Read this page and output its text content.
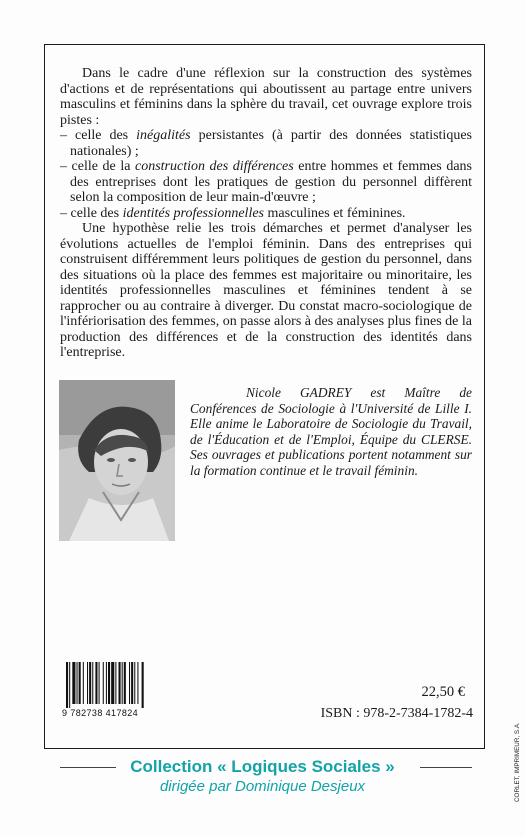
Dans le cadre d'une réflexion sur la construction des systèmes d'actions et de représentations qui aboutissent au partage entre univers masculins et féminins dans la sphère du travail, cet ouvrage explore trois pistes :

– celle des inégalités persistantes (à partir des données statistiques nationales) ;
– celle de la construction des différences entre hommes et femmes dans des entreprises dont les pratiques de gestion du personnel diffèrent selon la composition de leur main-d'œuvre ;
– celle des identités professionnelles masculines et féminines.

Une hypothèse relie les trois démarches et permet d'analyser les évolutions actuelles de l'emploi féminin. Dans des entreprises qui construisent différemment leurs politiques de gestion du personnel, dans des situations où la place des femmes est majoritaire ou minoritaire, les identités professionnelles masculines et féminines tendent à se rapprocher ou au contraire à diverger. Du constat macro-sociologique de l'infériorisation des femmes, on passe alors à des analyses plus fines de la production des différences et de la construction des identités dans l'entreprise.

Nicole GADREY est Maître de Conférences de Sociologie à l'Université de Lille I. Elle anime le Laboratoire de Sociologie du Travail, de l'Éducation et de l'Emploi, Équipe du CLERSE. Ses ouvrages et publications portent notamment sur la formation continue et le travail féminin.

9 782738 417824
22,50 €
ISBN : 978-2-7384-1782-4
Collection « Logiques Sociales »
dirigée par Dominique Desjeux	CORLET, IMPRIMEUR, S.A.
